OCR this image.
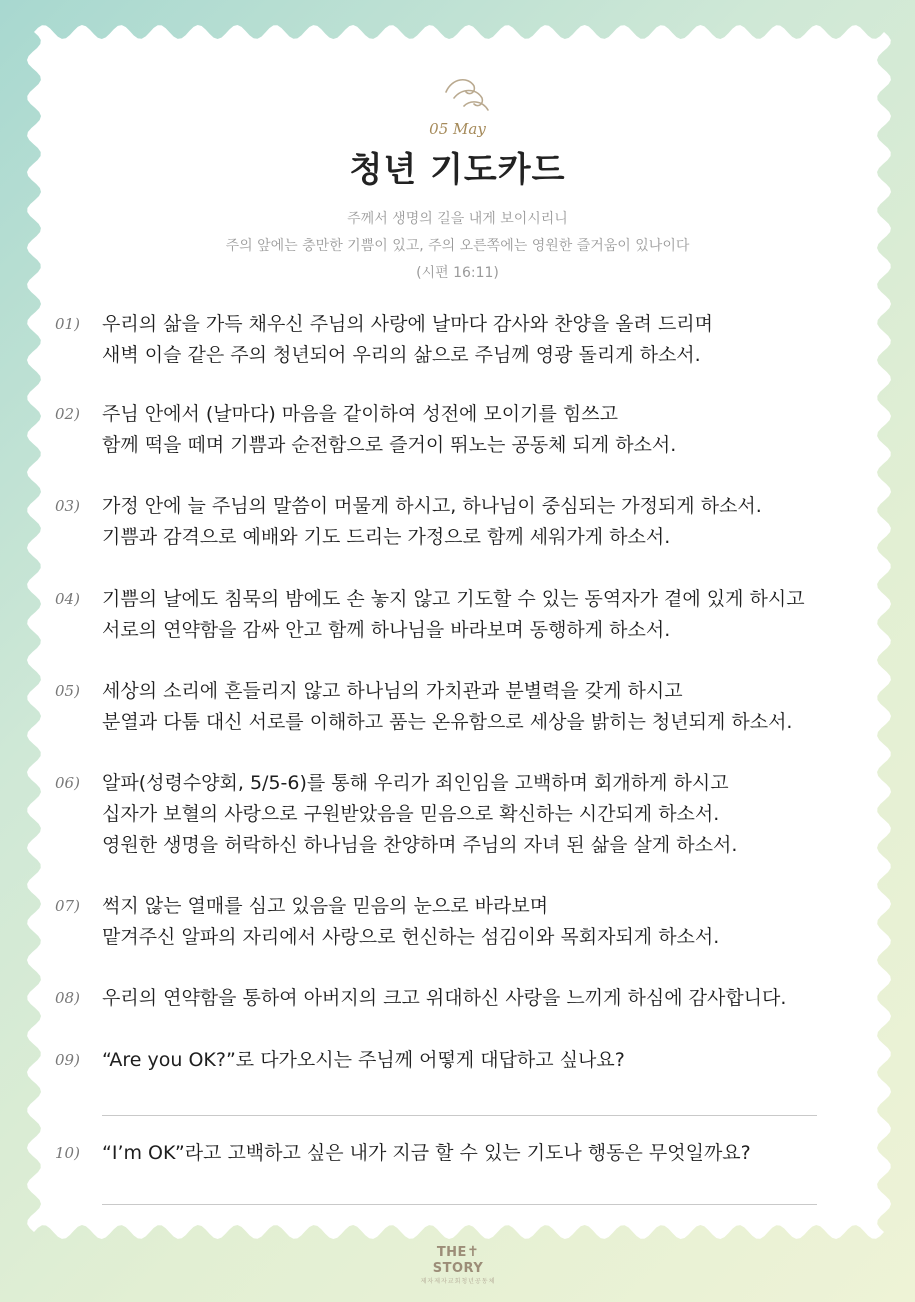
05 May
청년 기도카드
주께서 생명의 길을 내게 보이시리니
주의 앞에는 충만한 기쁨이 있고, 주의 오른쪽에는 영원한 즐거움이 있나이다
(시편 16:11)
01)	우리의 삶을 가득 채우신 주님의 사랑에 날마다 감사와 찬양을 올려 드리며
새벽 이슬 같은 주의 청년되어 우리의 삶으로 주님께 영광 돌리게 하소서.
02)	주님 안에서 (날마다) 마음을 같이하여 성전에 모이기를 힘쓰고
함께 떡을 떼며 기쁨과 순전함으로 즐거이 뛰노는 공동체 되게 하소서.
03)	가정 안에 늘 주님의 말씀이 머물게 하시고, 하나님이 중심되는 가정되게 하소서.
기쁨과 감격으로 예배와 기도 드리는 가정으로 함께 세워가게 하소서.
04)	기쁨의 날에도 침묵의 밤에도 손 놓지 않고 기도할 수 있는 동역자가 곁에 있게 하시고
서로의 연약함을 감싸 안고 함께 하나님을 바라보며 동행하게 하소서.
05)	세상의 소리에 흔들리지 않고 하나님의 가치관과 분별력을 갖게 하시고
분열과 다툼 대신 서로를 이해하고 품는 온유함으로 세상을 밝히는 청년되게 하소서.
06)	알파(성령수양회, 5/5-6)를 통해 우리가 죄인임을 고백하며 회개하게 하시고
십자가 보혈의 사랑으로 구원받았음을 믿음으로 확신하는 시간되게 하소서.
영원한 생명을 허락하신 하나님을 찬양하며 주님의 자녀 된 삶을 살게 하소서.
07)	썩지 않는 열매를 심고 있음을 믿음의 눈으로 바라보며
맡겨주신 알파의 자리에서 사랑으로 헌신하는 섬김이와 목회자되게 하소서.
08)	우리의 연약함을 통하여 아버지의 크고 위대하신 사랑을 느끼게 하심에 감사합니다.
09)	“Are you OK?”로 다가오시는 주님께 어떻게 대답하고 싶나요?
10)	“I’m OK”라고 고백하고 싶은 내가 지금 할 수 있는 기도나 행동은 무엇일까요?
THE✝STORY
제자제자교회청년공동체
